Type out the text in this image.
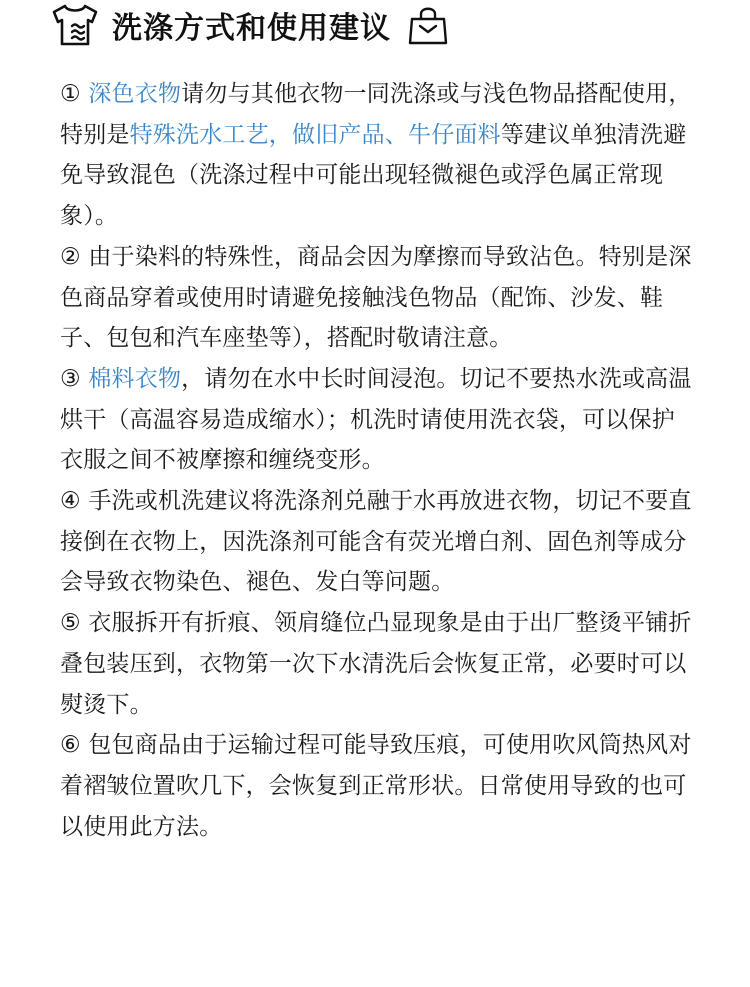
洗涤方式和使用建议

① 深色衣物请勿与其他衣物一同洗涤或与浅色物品搭配使用，特别是特殊洗水工艺，做旧产品、牛仔面料等建议单独清洗避免导致混色（洗涤过程中可能出现轻微褪色或浮色属正常现象）。

② 由于染料的特殊性，商品会因为摩擦而导致沾色。特别是深色商品穿着或使用时请避免接触浅色物品（配饰、沙发、鞋子、包包和汽车座垫等），搭配时敬请注意。

③ 棉料衣物，请勿在水中长时间浸泡。切记不要热水洗或高温烘干（高温容易造成缩水）；机洗时请使用洗衣袋，可以保护衣服之间不被摩擦和缠绕变形。

④ 手洗或机洗建议将洗涤剂兑融于水再放进衣物，切记不要直接倒在衣物上，因洗涤剂可能含有荧光增白剂、固色剂等成分会导致衣物染色、褪色、发白等问题。

⑤ 衣服拆开有折痕、领肩缝位凸显现象是由于出厂整烫平铺折叠包装压到，衣物第一次下水清洗后会恢复正常，必要时可以熨烫下。

⑥ 包包商品由于运输过程可能导致压痕，可使用吹风筒热风对着褶皱位置吹几下，会恢复到正常形状。日常使用导致的也可以使用此方法。
